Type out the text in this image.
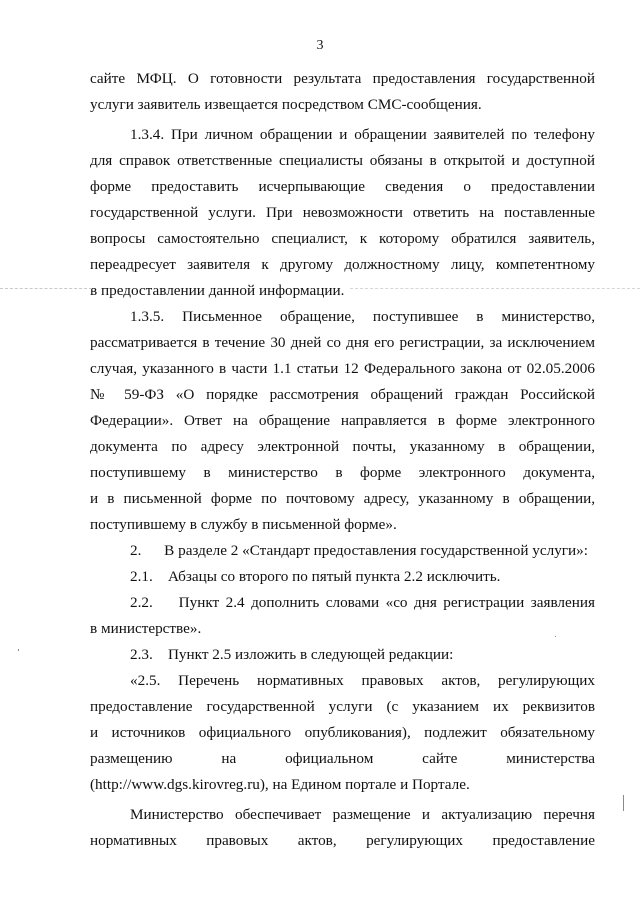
3
сайте МФЦ. О готовности результата предоставления государственной
услуги заявитель извещается посредством СМС-сообщения.
1.3.4. При личном обращении и обращении заявителей по телефону
для справок ответственные специалисты обязаны в открытой и доступной
форме предоставить исчерпывающие сведения о предоставлении
государственной услуги. При невозможности ответить на поставленные
вопросы самостоятельно специалист, к которому обратился заявитель,
переадресует заявителя к другому должностному лицу, компетентному
в предоставлении данной информации.
1.3.5. Письменное обращение, поступившее в министерство,
рассматривается в течение 30 дней со дня его регистрации, за исключением
случая, указанного в части 1.1 статьи 12 Федерального закона от 02.05.2006
№ 59-ФЗ «О порядке рассмотрения обращений граждан Российской
Федерации». Ответ на обращение направляется в форме электронного
документа по адресу электронной почты, указанному в обращении,
поступившему в министерство в форме электронного документа,
и в письменной форме по почтовому адресу, указанному в обращении,
поступившему в службу в письменной форме».
2.      В разделе 2 «Стандарт предоставления государственной услуги»:
2.1.    Абзацы со второго по пятый пункта 2.2 исключить.
2.2.    Пункт 2.4 дополнить словами «со дня регистрации заявления
в министерстве».
2.3.    Пункт 2.5 изложить в следующей редакции:
«2.5. Перечень нормативных правовых актов, регулирующих
предоставление государственной услуги (с указанием их реквизитов
и источников официального опубликования), подлежит обязательному
размещению на официальном сайте министерства
(http://www.dgs.kirovreg.ru), на Едином портале и Портале.
Министерство обеспечивает размещение и актуализацию перечня
нормативных правовых актов, регулирующих предоставление
